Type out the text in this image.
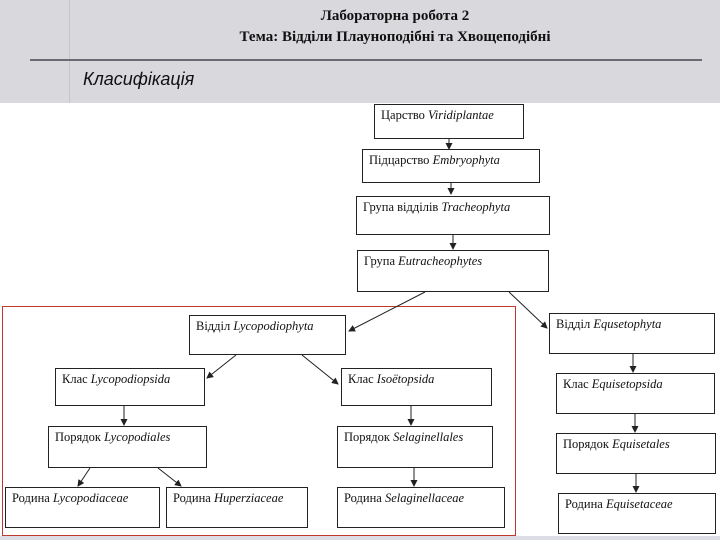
Лабораторна робота 2
Тема: Відділи Плауноподібні та Хвощеподібні
Класифікація
Царство Viridiplantae
Підцарство Embryophyta
Група відділів Tracheophyta
Група Eutracheophytes
Відділ Lycopodiophyta	Відділ Equsetophyta
Клас Lycopodiopsida	Клас Isoëtopsida	Клас Equisetopsida
Порядок Lycopodiales	Порядок Selaginellales	Порядок Equisetales
Родина Lycopodiaceae	Родина Huperziaceae	Родина Selaginellaceae	Родина Equisetaceae
